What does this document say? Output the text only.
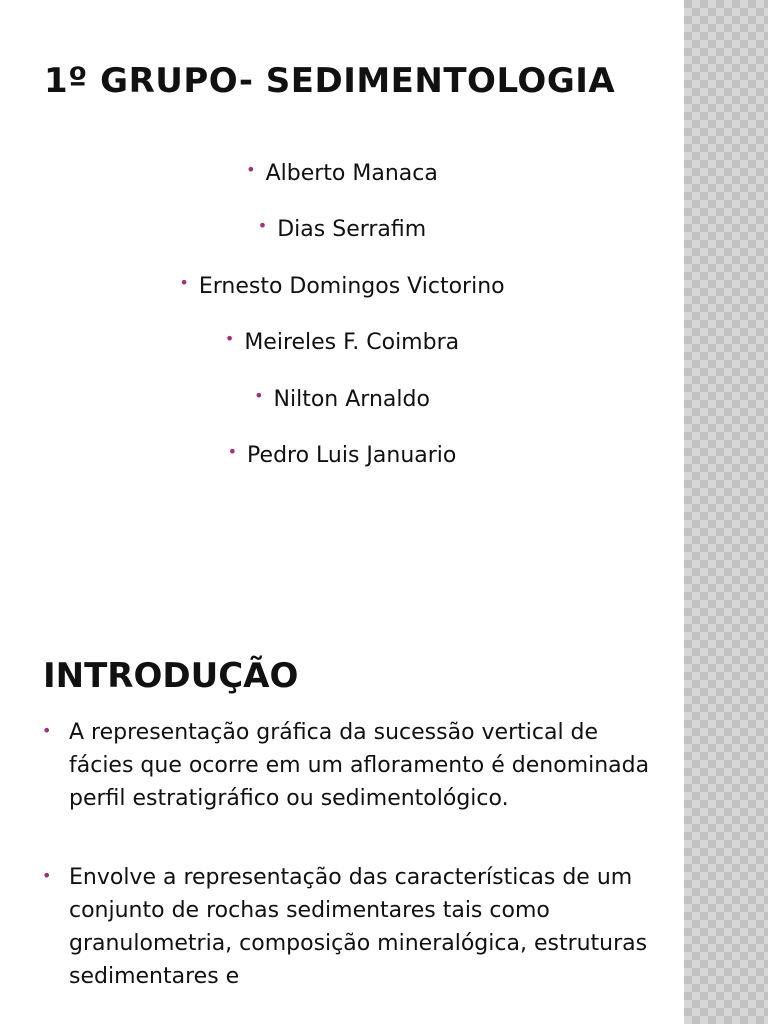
1º GRUPO- SEDIMENTOLOGIA
• Alberto Manaca
• Dias Serrafim
• Ernesto Domingos Victorino
• Meireles F. Coimbra
• Nilton Arnaldo
• Pedro Luis Januario
INTRODUÇÃO
• A representação gráfica da sucessão vertical de fácies que ocorre em um afloramento é denominada perfil estratigráfico ou sedimentológico.
• Envolve a representação das características de um conjunto de rochas sedimentares tais como granulometria, composição mineralógica, estruturas sedimentares e
